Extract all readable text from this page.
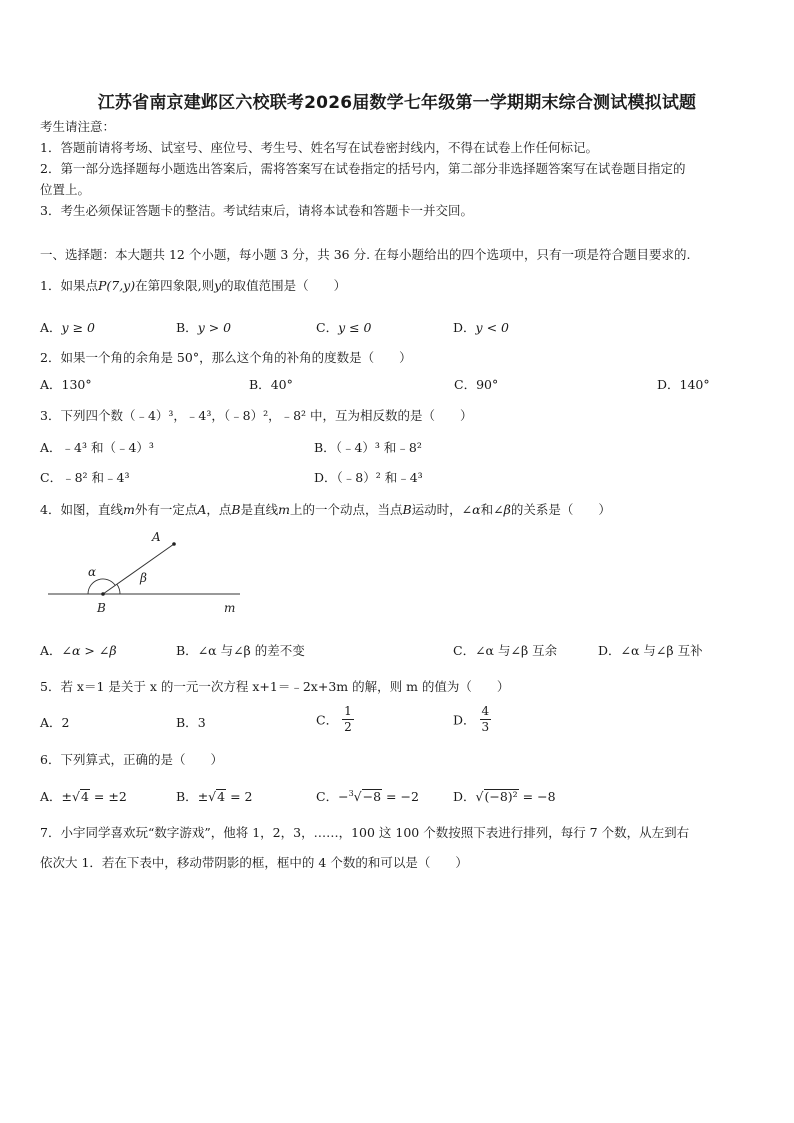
江苏省南京建邺区六校联考2026届数学七年级第一学期期末综合测试模拟试题
考生请注意：
1．答题前请将考场、试室号、座位号、考生号、姓名写在试卷密封线内，不得在试卷上作任何标记。
2．第一部分选择题每小题选出答案后，需将答案写在试卷指定的括号内，第二部分非选择题答案写在试卷题目指定的
位置上。
3．考生必须保证答题卡的整洁。考试结束后，请将本试卷和答题卡一并交回。
一、选择题：本大题共 12 个小题，每小题 3 分，共 36 分. 在每小题给出的四个选项中，只有一项是符合题目要求的.
1．如果点P(7,y)在第四象限,则y的取值范围是（　　）
A．y ≥ 0	B．y > 0	C．y ≤ 0	D．y < 0
2．如果一个角的余角是 50°，那么这个角的补角的度数是（　　）
A．130°	B．40°	C．90°	D．140°
3．下列四个数（﹣4）³，﹣4³，（﹣8）²，﹣8² 中，互为相反数的是（　　）
A．﹣4³ 和（﹣4）³	B．（﹣4）³ 和﹣8²
C．﹣8² 和﹣4³	D．（﹣8）² 和﹣4³
4．如图，直线m外有一定点A，点B是直线m上的一个动点，当点B运动时，∠α和∠β的关系是（　　）
A
B	m
α	β
A．∠α > ∠β	B．∠α 与∠β 的差不变	C．∠α 与∠β 互余	D．∠α 与∠β 互补
5．若 x＝1 是关于 x 的一元一次方程 x+1＝﹣2x+3m 的解，则 m 的值为（　　）
A．2	B．3	C． $\frac{1}{2}$	D． $\frac{4}{3}$
6．下列算式，正确的是（　　）
A．±√4 = ±2	B．±√4 = 2	C．−$^3$√−8 = −2	D．√(−8)² = −8
7．小宇同学喜欢玩“数字游戏”，他将 1，2，3，……，100 这 100 个数按照下表进行排列，每行 7 个数，从左到右
依次大 1．若在下表中，移动带阴影的框，框中的 4 个数的和可以是（　　）
